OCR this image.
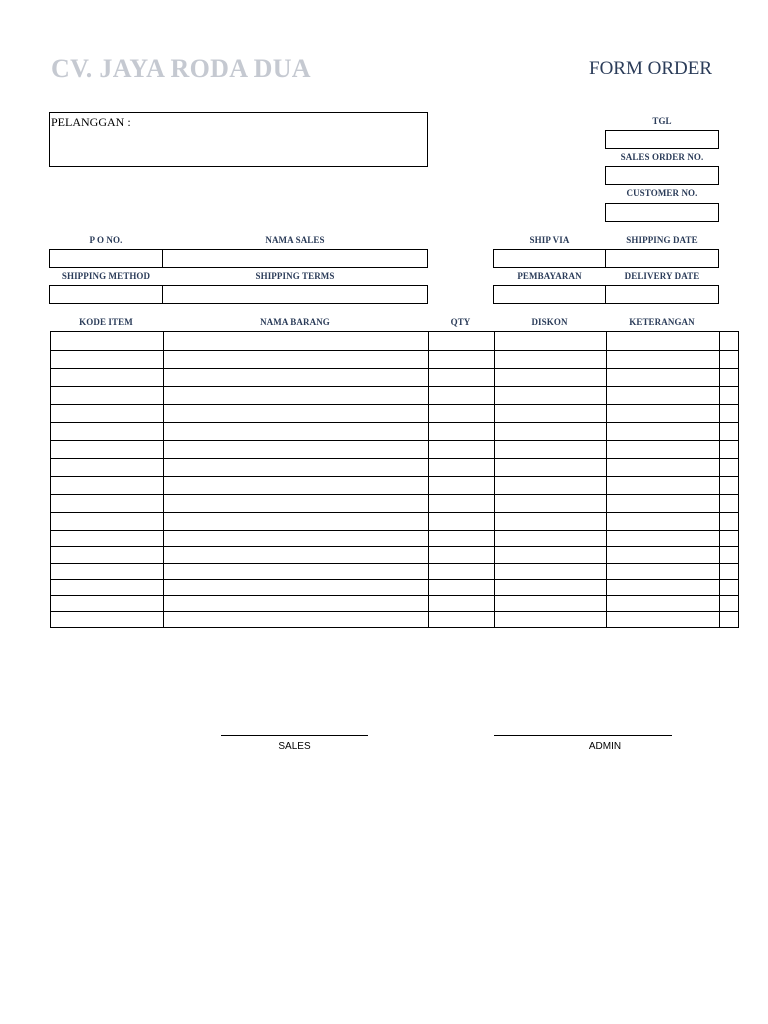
CV. JAYA RODA DUA	FORM ORDER
PELANGGAN :	TGL
SALES ORDER NO.
CUSTOMER NO.
P O NO.	NAMA SALES	SHIP VIA	SHIPPING DATE
SHIPPING METHOD	SHIPPING TERMS	PEMBAYARAN	DELIVERY DATE
KODE ITEM	NAMA BARANG	QTY	DISKON	KETERANGAN

SALES	ADMIN
